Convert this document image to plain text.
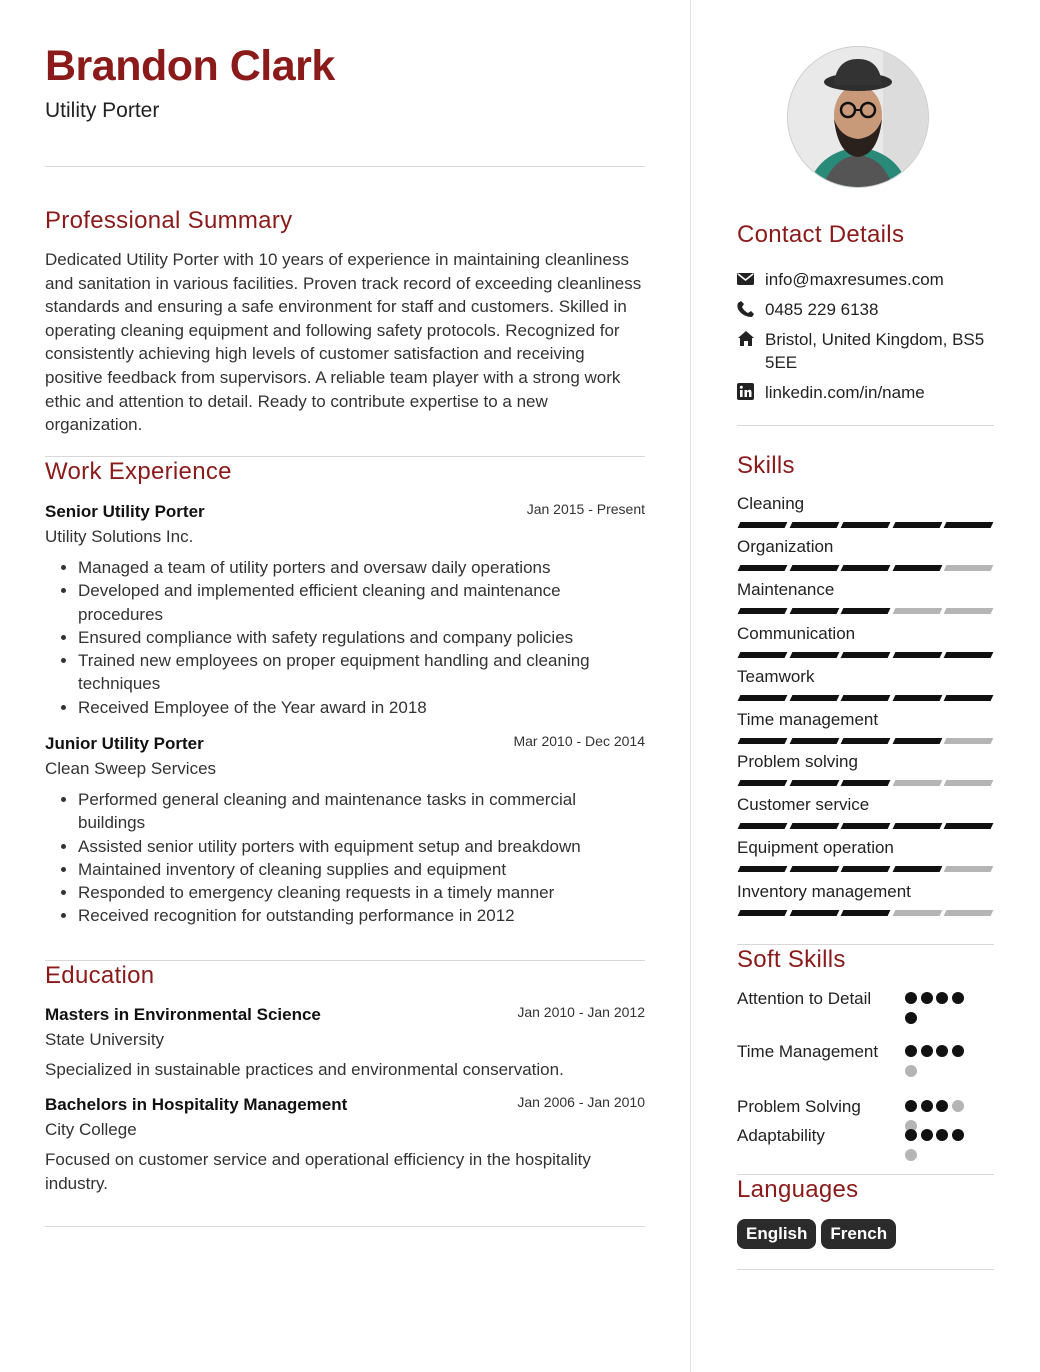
Brandon Clark

Utility Porter

Professional Summary

Dedicated Utility Porter with 10 years of experience in maintaining cleanliness and sanitation in various facilities. Proven track record of exceeding cleanliness standards and ensuring a safe environment for staff and customers. Skilled in operating cleaning equipment and following safety protocols. Recognized for consistently achieving high levels of customer satisfaction and receiving positive feedback from supervisors. A reliable team player with a strong work ethic and attention to detail. Ready to contribute expertise to a new organization.

Work Experience

Senior Utility Porter	Jan 2015 - Present

Utility Solutions Inc.

• Managed a team of utility porters and oversaw daily operations
• Developed and implemented efficient cleaning and maintenance procedures
• Ensured compliance with safety regulations and company policies
• Trained new employees on proper equipment handling and cleaning techniques
• Received Employee of the Year award in 2018

Junior Utility Porter	Mar 2010 - Dec 2014

Clean Sweep Services

• Performed general cleaning and maintenance tasks in commercial buildings
• Assisted senior utility porters with equipment setup and breakdown
• Maintained inventory of cleaning supplies and equipment
• Responded to emergency cleaning requests in a timely manner
• Received recognition for outstanding performance in 2012
Education

Masters in Environmental Science	Jan 2010 - Jan 2012

State University

Specialized in sustainable practices and environmental conservation.

Bachelors in Hospitality Management	Jan 2006 - Jan 2010

City College

Focused on customer service and operational efficiency in the hospitality industry.

Contact Details
info@maxresumes.com
0485 229 6138
Bristol, United Kingdom, BS5 5EE
linkedin.com/in/name
Skills
Cleaning
Organization
Maintenance
Communication
Teamwork
Time management
Problem solving
Customer service
Equipment operation
Inventory management
Soft Skills
Attention to Detail
Time Management
Problem Solving
Adaptability
Languages
English French
